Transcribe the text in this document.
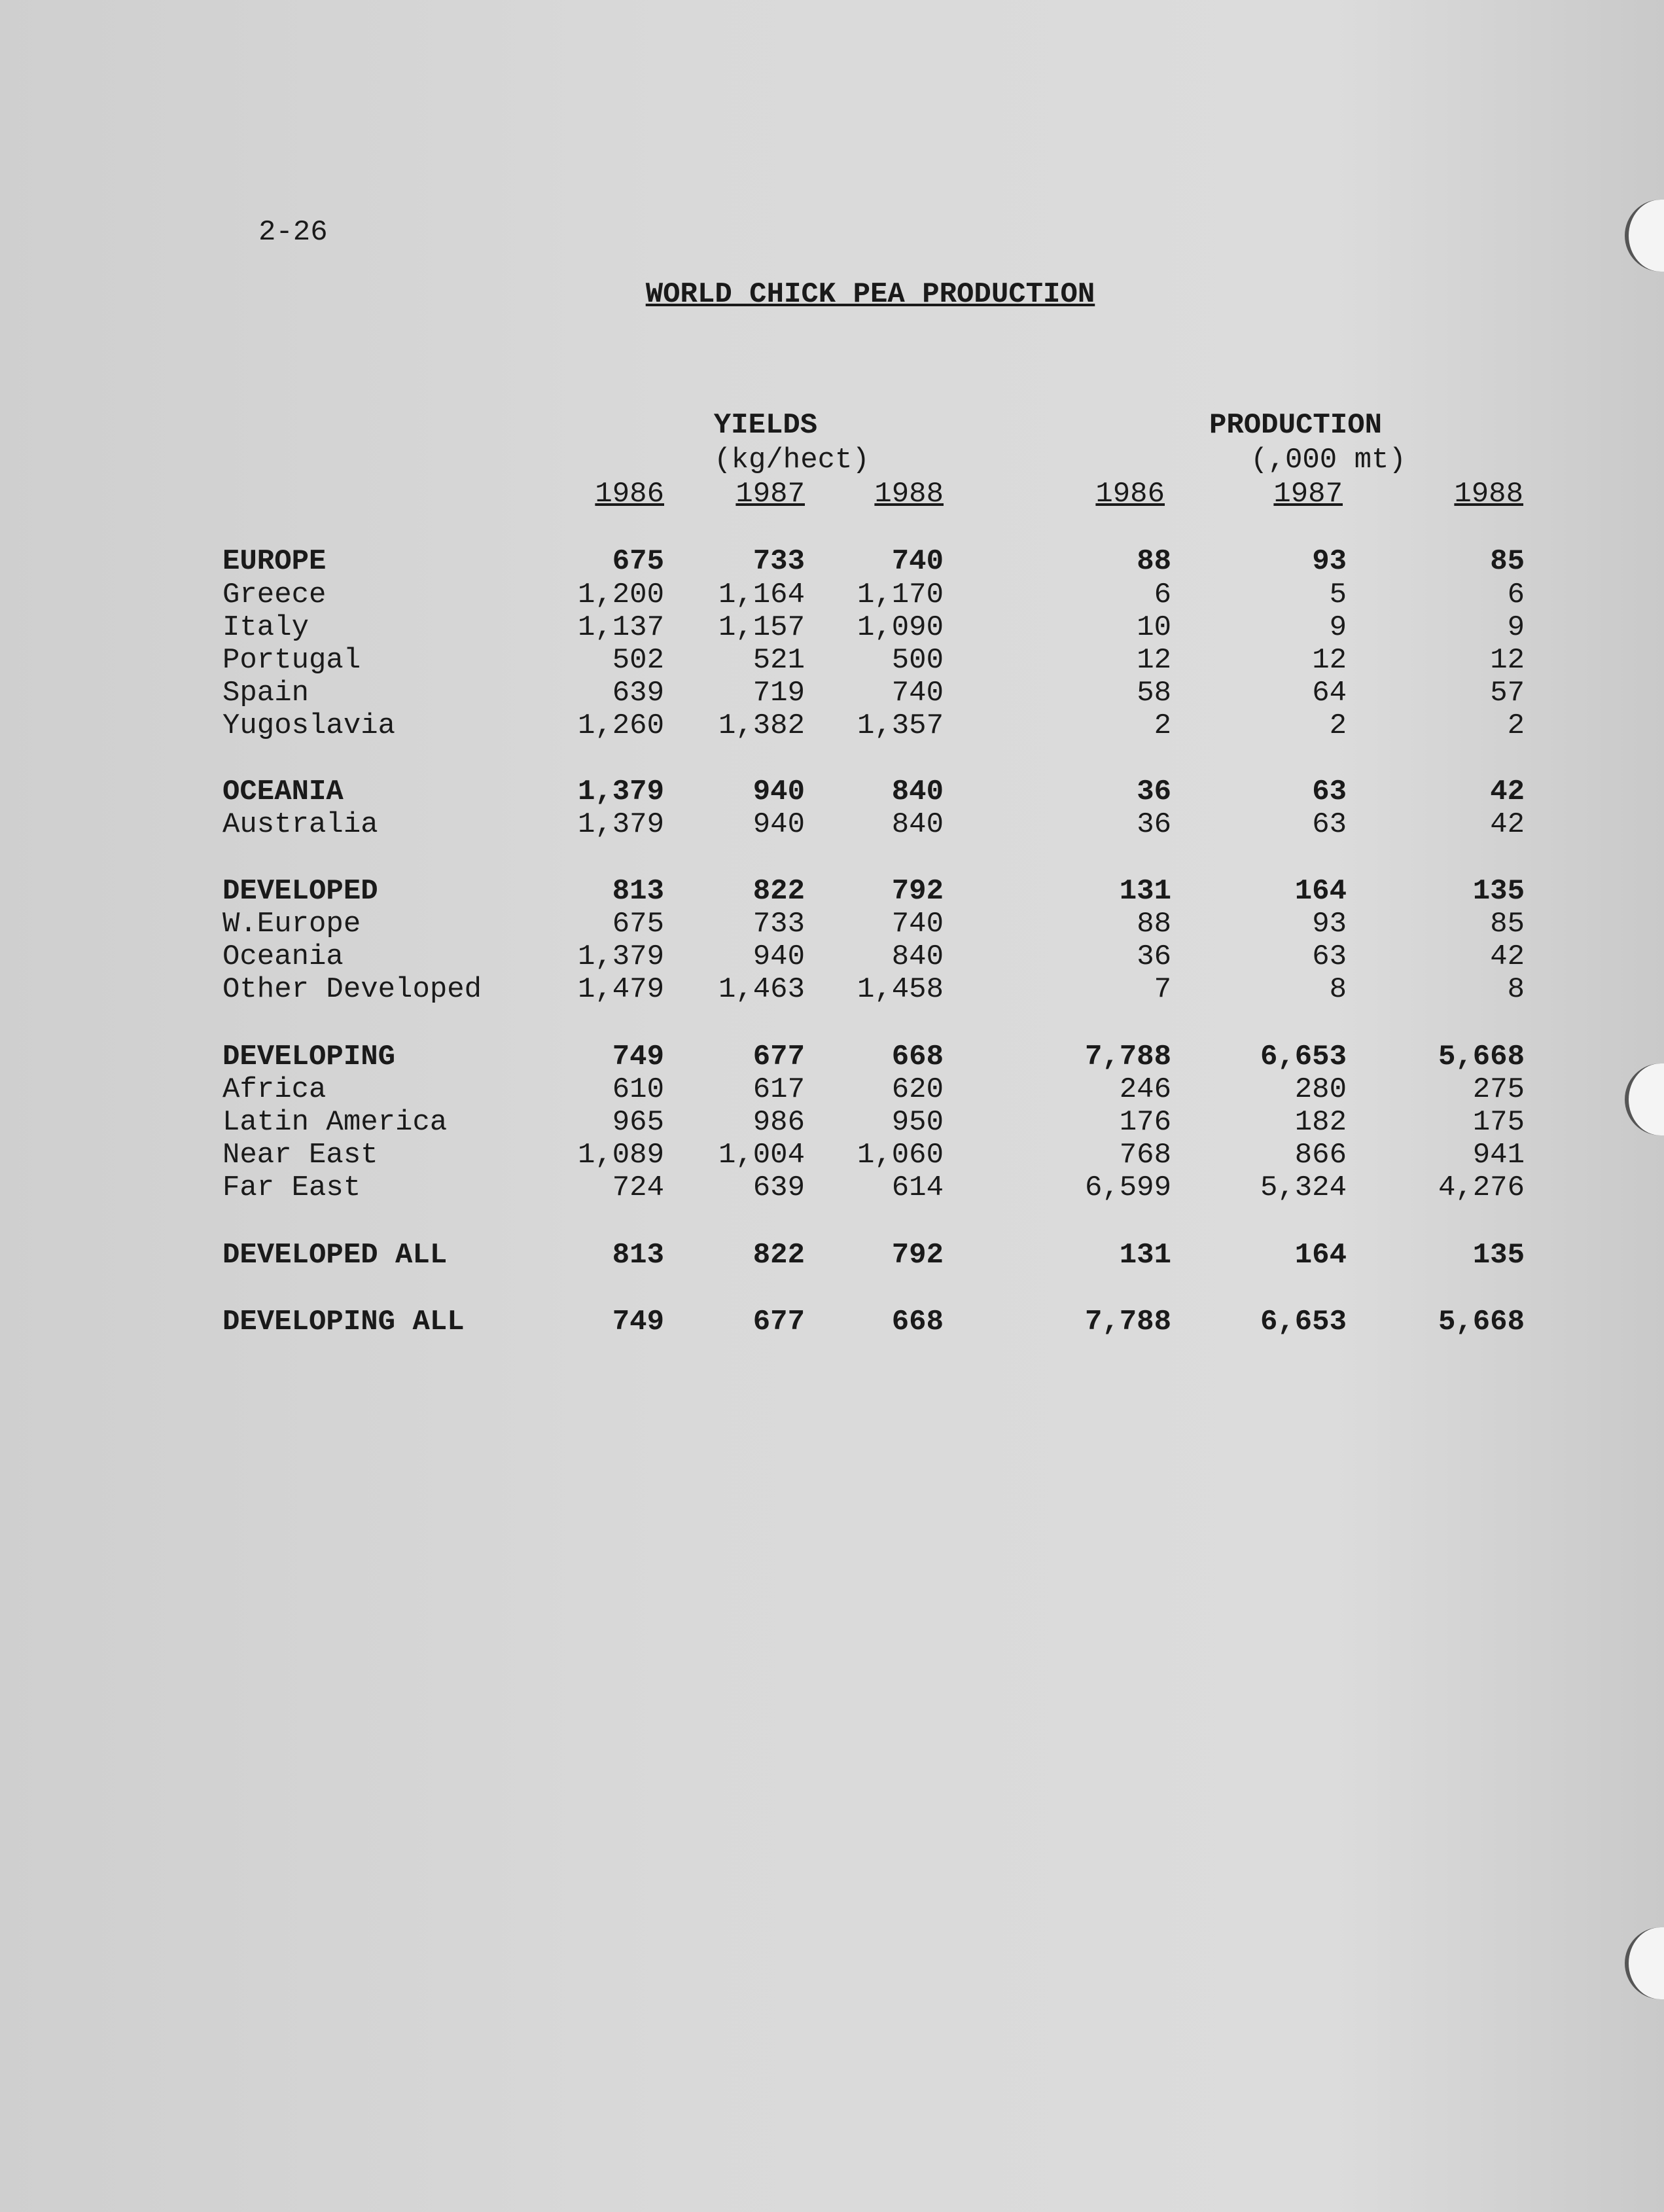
2-26
WORLD CHICK PEA PRODUCTION
YIELDS
(kg/hect)
PRODUCTION
(,000 mt)
1986	1987	1988	1986	1987	1988
EUROPE	675	733	740	88	93	85
Greece	1,200	1,164	1,170	6	5	6
Italy	1,137	1,157	1,090	10	9	9
Portugal	502	521	500	12	12	12
Spain	639	719	740	58	64	57
Yugoslavia	1,260	1,382	1,357	2	2	2
OCEANIA	1,379	940	840	36	63	42
Australia	1,379	940	840	36	63	42
DEVELOPED	813	822	792	131	164	135
W.Europe	675	733	740	88	93	85
Oceania	1,379	940	840	36	63	42
Other Developed	1,479	1,463	1,458	7	8	8
DEVELOPING	749	677	668	7,788	6,653	5,668
Africa	610	617	620	246	280	275
Latin America	965	986	950	176	182	175
Near East	1,089	1,004	1,060	768	866	941
Far East	724	639	614	6,599	5,324	4,276
DEVELOPED ALL	813	822	792	131	164	135
DEVELOPING ALL	749	677	668	7,788	6,653	5,668
